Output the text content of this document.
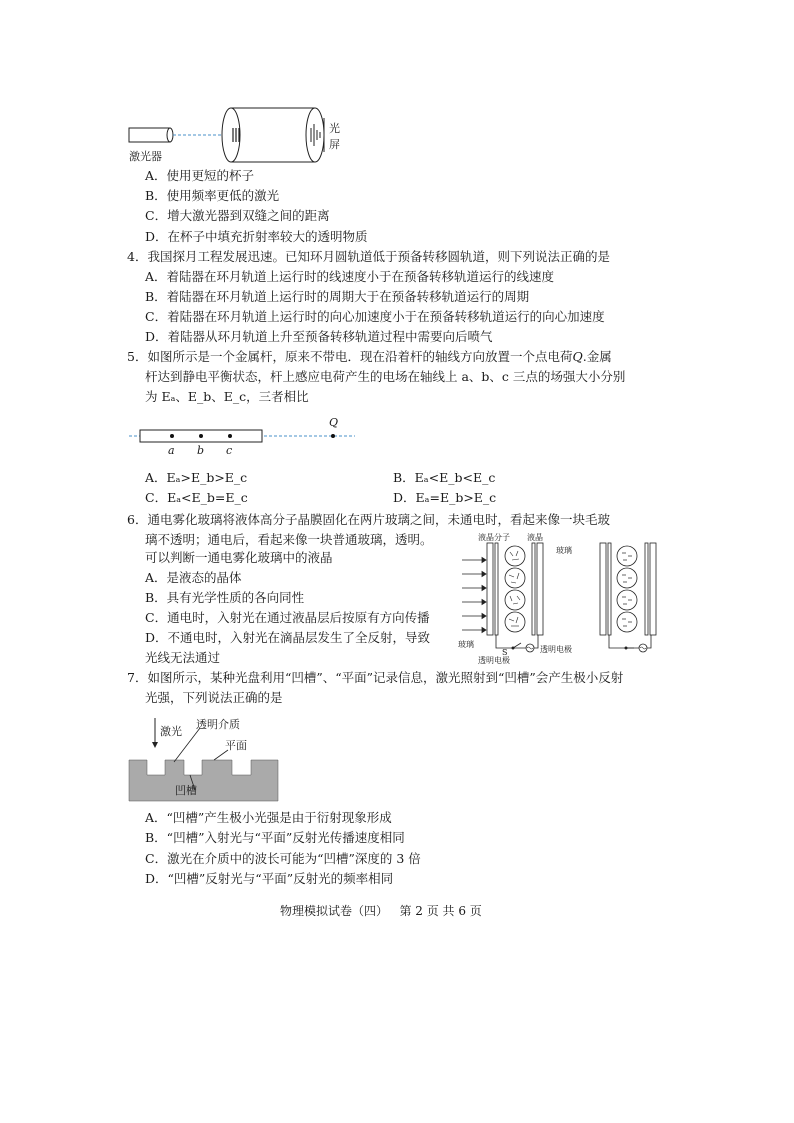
激光器
光
屏
A．使用更短的杯子
B．使用频率更低的激光
C．增大激光器到双缝之间的距离
D．在杯子中填充折射率较大的透明物质
4．我国探月工程发展迅速。已知环月圆轨道低于预备转移圆轨道，则下列说法正确的是
A．着陆器在环月轨道上运行时的线速度小于在预备转移轨道运行的线速度
B．着陆器在环月轨道上运行时的周期大于在预备转移轨道运行的周期
C．着陆器在环月轨道上运行时的向心加速度小于在预备转移轨道运行的向心加速度
D．着陆器从环月轨道上升至预备转移轨道过程中需要向后喷气
5．如图所示是一个金属杆，原来不带电．现在沿着杆的轴线方向放置一个点电荷Q.金属
杆达到静电平衡状态，杆上感应电荷产生的电场在轴线上 a、b、c 三点的场强大小分别
为 Eₐ、E_b、E_c，三者相比
a b c
Q
A．Eₐ>E_b>E_c	B．Eₐ<E_b<E_c
C．Eₐ<E_b=E_c	D．Eₐ=E_b>E_c
6．通电雾化玻璃将液体高分子晶膜固化在两片玻璃之间，未通电时，看起来像一块毛玻
璃不透明；通电后，看起来像一块普通玻璃，透明。
可以判断一通电雾化玻璃中的液晶
A．是液态的晶体
B．具有光学性质的各向同性
C．通电时，入射光在通过液晶层后按原有方向传播
D．不通电时，入射光在滴晶层发生了全反射，导致
光线无法通过
液晶分子 液晶
玻璃
玻璃
S
透明电极
透明电极
7．如图所示，某种光盘利用“凹槽”、“平面”记录信息，激光照射到“凹槽”会产生极小反射
光强，下列说法正确的是
激光
透明介质
平面
凹槽
A．“凹槽”产生极小光强是由于衍射现象形成
B．“凹槽”入射光与“平面”反射光传播速度相同
C．激光在介质中的波长可能为“凹槽”深度的 3 倍
D．“凹槽”反射光与“平面”反射光的频率相同
物理模拟试卷（四）   第 2 页 共 6 页
